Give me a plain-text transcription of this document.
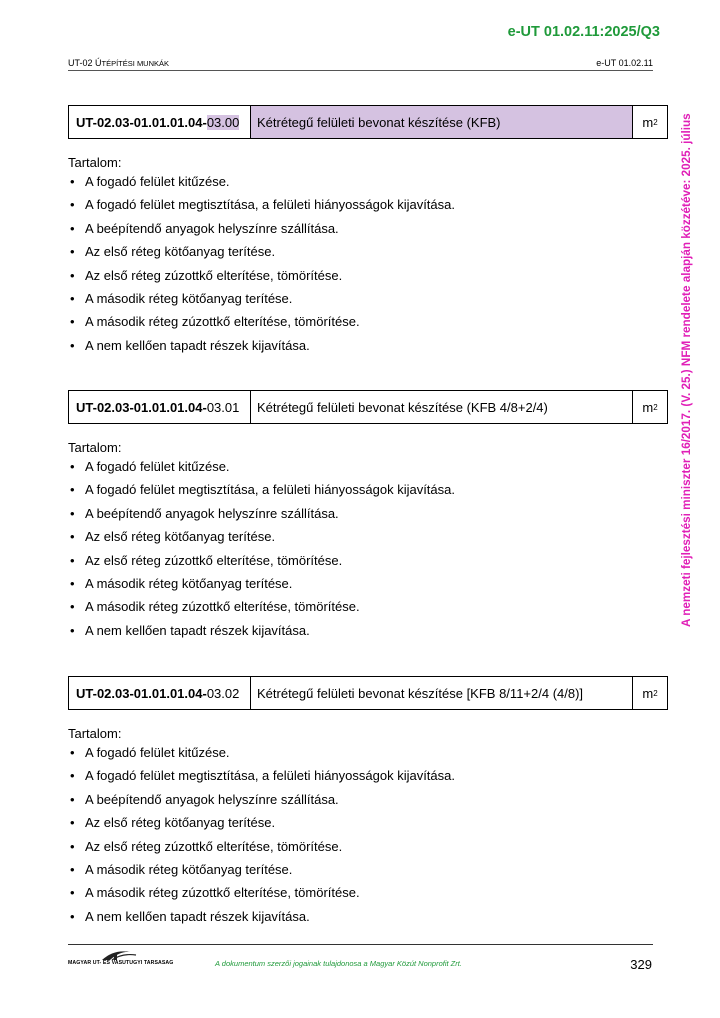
e-UT 01.02.11:2025/Q3
UT-02 ÚTÉPÍTÉSI MUNKÁK	e-UT 01.02.11
A nemzeti fejlesztési miniszter 16/2017. (V. 25.) NFM rendelete alapján közzétéve: 2025. július
UT-02.03-01.01.01.04- 03.00	Kétrétegű felületi bevonat készítése (KFB)	m 2
Tartalom:
• A fogadó felület kitűzése.
• A fogadó felület megtisztítása, a felületi hiányosságok kijavítása.
• A beépítendő anyagok helyszínre szállítása.
• Az első réteg kötőanyag terítése.
• Az első réteg zúzottkő elterítése, tömörítése.
• A második réteg kötőanyag terítése.
• A második réteg zúzottkő elterítése, tömörítése.
• A nem kellően tapadt részek kijavítása.
UT-02.03-01.01.01.04- 03.01	Kétrétegű felületi bevonat készítése (KFB 4/8+2/4)	m 2
Tartalom:
• A fogadó felület kitűzése.
• A fogadó felület megtisztítása, a felületi hiányosságok kijavítása.
• A beépítendő anyagok helyszínre szállítása.
• Az első réteg kötőanyag terítése.
• Az első réteg zúzottkő elterítése, tömörítése.
• A második réteg kötőanyag terítése.
• A második réteg zúzottkő elterítése, tömörítése.
• A nem kellően tapadt részek kijavítása.
UT-02.03-01.01.01.04- 03.02	Kétrétegű felületi bevonat készítése [KFB 8/11+2/4 (4/8)]	m 2
Tartalom:
• A fogadó felület kitűzése.
• A fogadó felület megtisztítása, a felületi hiányosságok kijavítása.
• A beépítendő anyagok helyszínre szállítása.
• Az első réteg kötőanyag terítése.
• Az első réteg zúzottkő elterítése, tömörítése.
• A második réteg kötőanyag terítése.
• A második réteg zúzottkő elterítése, tömörítése.
• A nem kellően tapadt részek kijavítása.
MAGYAR UT- ES VASUTUGYI TARSASAG	A dokumentum szerzői jogainak tulajdonosa a Magyar Közút Nonprofit Zrt.	329
